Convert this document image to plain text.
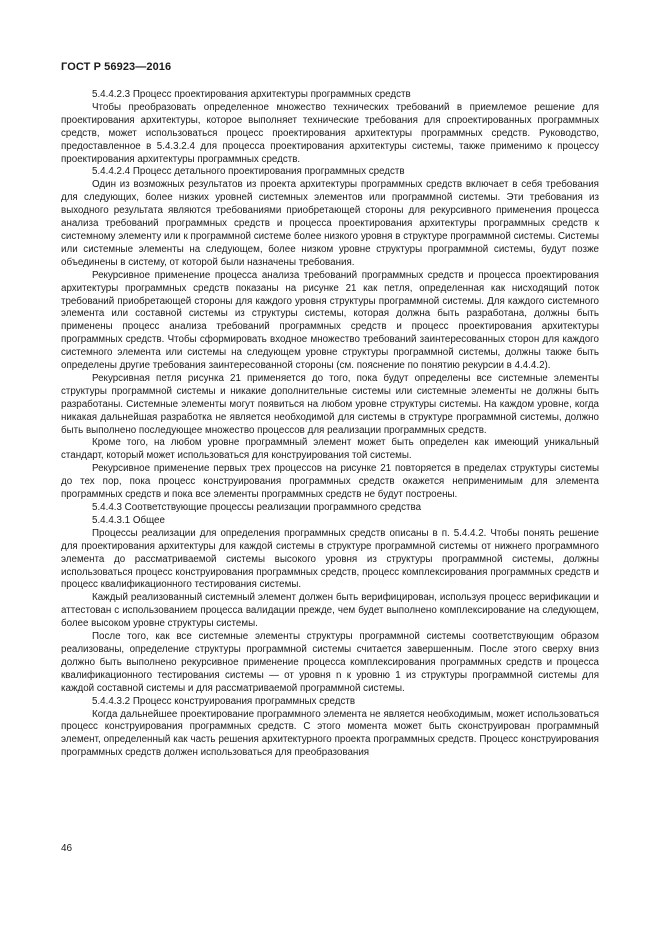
ГОСТ Р 56923—2016

5.4.4.2.3 Процесс проектирования архитектуры программных средств

Чтобы преобразовать определенное множество технических требований в приемлемое решение для проектирования архитектуры, которое выполняет технические требования для спроектированных программных средств, может использоваться процесс проектирования архитектуры программных средств. Руководство, предоставленное в 5.4.3.2.4 для процесса проектирования архитектуры системы, также применимо к процессу проектирования архитектуры программных средств.

5.4.4.2.4 Процесс детального проектирования программных средств

Один из возможных результатов из проекта архитектуры программных средств включает в себя требования для следующих, более низких уровней системных элементов или программной системы. Эти требования из выходного результата являются требованиями приобретающей стороны для рекурсивного применения процесса анализа требований программных средств и процесса проектирования архитектуры программных средств к системному элементу или к программной системе более низкого уровня в структуре программной системы. Системы или системные элементы на следующем, более низком уровне структуры программной системы, будут позже объединены в систему, от которой были назначены требования.

Рекурсивное применение процесса анализа требований программных средств и процесса проектирования архитектуры программных средств показаны на рисунке 21 как петля, определенная как нисходящий поток требований приобретающей стороны для каждого уровня структуры программной системы. Для каждого системного элемента или составной системы из структуры системы, которая должна быть разработана, должны быть применены процесс анализа требований программных средств и процесс проектирования архитектуры программных средств. Чтобы сформировать входное множество требований заинтересованных сторон для каждого системного элемента или системы на следующем уровне структуры программной системы, должны также быть определены другие требования заинтересованной стороны (см. пояснение по понятию рекурсии в 4.4.4.2).

Рекурсивная петля рисунка 21 применяется до того, пока будут определены все системные элементы структуры программной системы и никакие дополнительные системы или системные элементы не должны быть разработаны. Системные элементы могут появиться на любом уровне структуры системы. На каждом уровне, когда никакая дальнейшая разработка не является необходимой для системы в структуре программной системы, должно быть выполнено последующее множество процессов для реализации программных средств.

Кроме того, на любом уровне программный элемент может быть определен как имеющий уникальный стандарт, который может использоваться для конструирования той системы.

Рекурсивное применение первых трех процессов на рисунке 21 повторяется в пределах структуры системы до тех пор, пока процесс конструирования программных средств окажется неприменимым для элемента программных средств и пока все элементы программных средств не будут построены.

5.4.4.3 Соответствующие процессы реализации программного средства

5.4.4.3.1 Общее

Процессы реализации для определения программных средств описаны в п. 5.4.4.2. Чтобы понять решение для проектирования архитектуры для каждой системы в структуре программной системы от нижнего программного элемента до рассматриваемой системы высокого уровня из структуры программной системы, должны использоваться процесс конструирования программных средств, процесс комплексирования программных средств и процесс квалификационного тестирования системы.

Каждый реализованный системный элемент должен быть верифицирован, используя процесс верификации и аттестован с использованием процесса валидации прежде, чем будет выполнено комплексирование на следующем, более высоком уровне структуры системы.

После того, как все системные элементы структуры программной системы соответствующим образом реализованы, определение структуры программной системы считается завершенным. После этого сверху вниз должно быть выполнено рекурсивное применение процесса комплексирования программных средств и процесса квалификационного тестирования системы — от уровня n к уровню 1 из структуры программной системы для каждой составной системы и для рассматриваемой программной системы.

5.4.4.3.2 Процесс конструирования программных средств

Когда дальнейшее проектирование программного элемента не является необходимым, может использоваться процесс конструирования программных средств. С этого момента может быть сконструирован программный элемент, определенный как часть решения архитектурного проекта программных средств. Процесс конструирования программных средств должен использоваться для преобразования

46
